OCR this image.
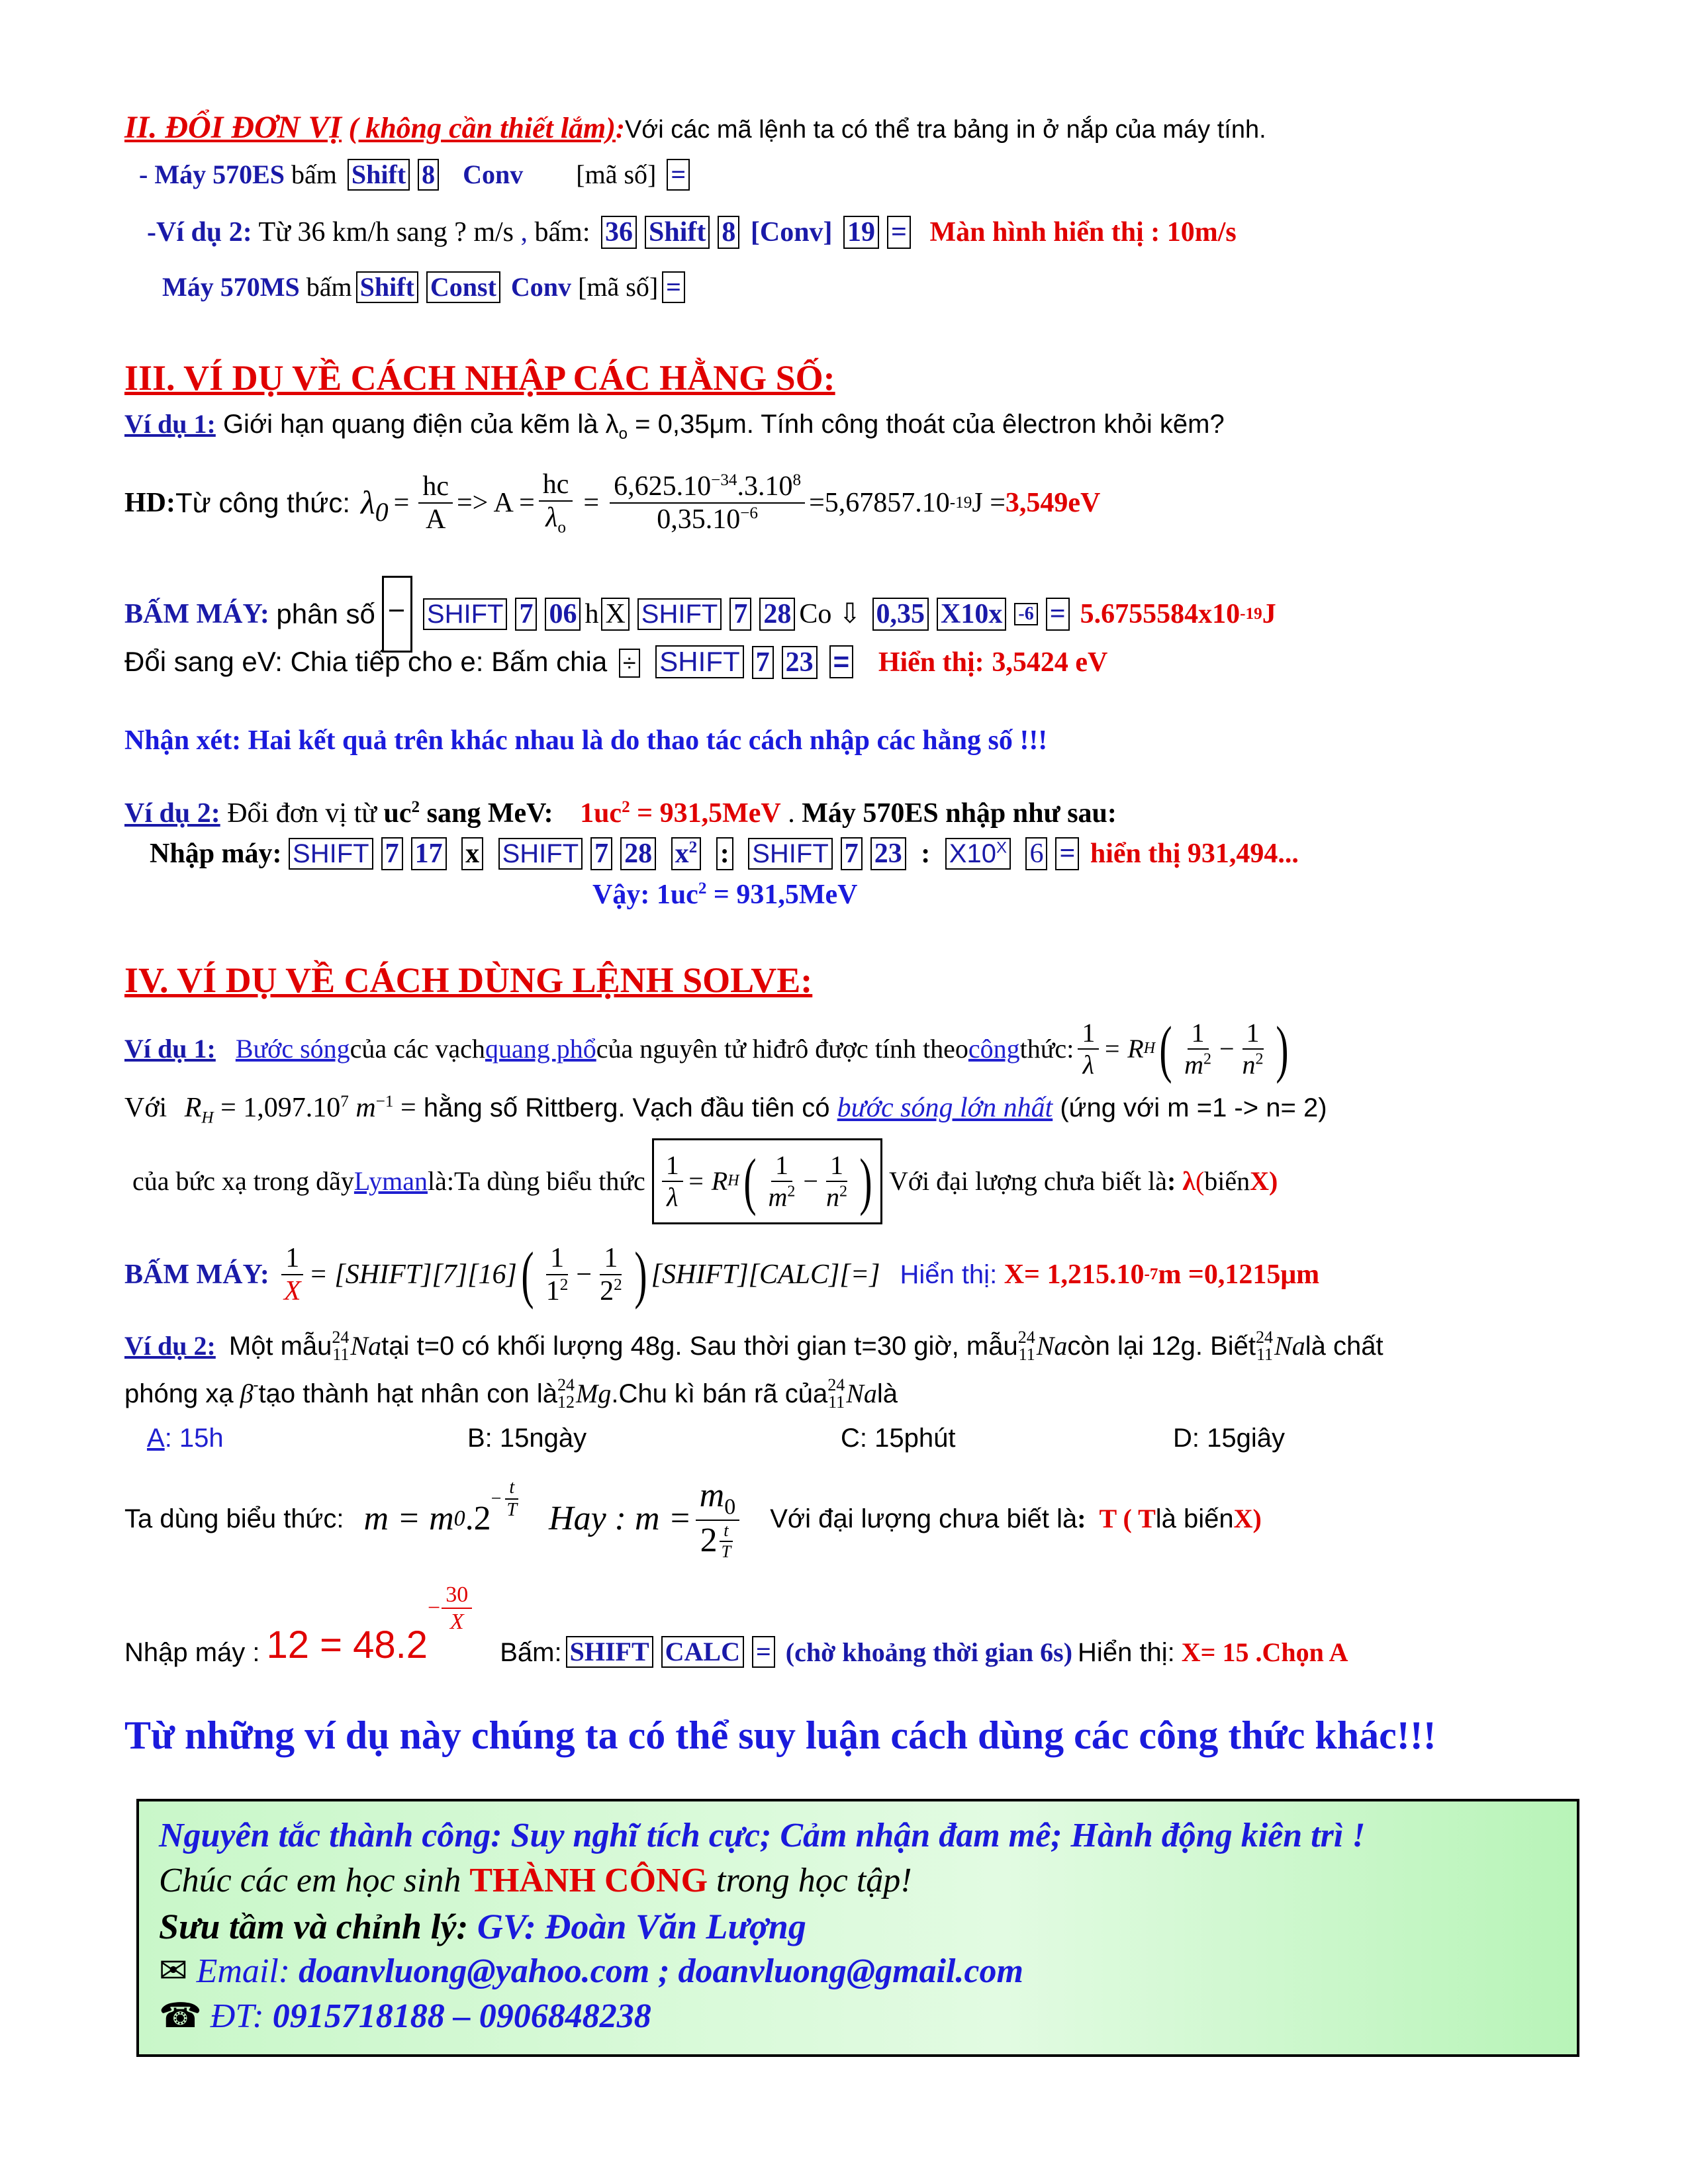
II. ĐỔI ĐƠN VỊ ( không cần thiết lắm):Với các mã lệnh ta có thể tra bảng in ở nắp của máy tính.
- Máy 570ES bấm Shift 8 Conv [mã số] =
-Ví dụ 2: Từ 36 km/h sang ? m/s , bấm: 36 Shift 8 [Conv] 19 = Màn hình hiển thị : 10m/s
Máy 570MS bấm Shift Const Conv [mã số] =
III. VÍ DỤ VỀ CÁCH NHẬP CÁC HẰNG SỐ:
Ví dụ 1: Giới hạn quang điện của kẽm là $\lambda_o = 0,35\mu m$. Tính công thoát của êlectron khỏi kẽm?
HD: Từ công thức: $\lambda_0 = \frac{hc}{A} => A = \frac{hc}{\lambda_o} = \frac{6,625.10^{-34}.3.10^8}{0,35.10^{-6}} =5,67857.10$ -19 J = 3,549eV
BẤM MÁY:
phân số SHIFT 7 06 h X SHIFT 7 28 Co ⇩ 0,35 X10x -6 = 5.6755584x10 -19 J
Đổi sang eV: Chia tiếp cho e: Bấm chia ÷ SHIFT 7 23 = Hiển thị: 3,5424 eV
Nhận xét: Hai kết quả trên khác nhau là do thao tác cách nhập các hằng số !!!
Ví dụ 2: Đổi đơn vị từ $uc^2$ sang MeV: $1uc^2 = 931,5MeV$ . Máy 570ES nhập như sau:
Nhập máy: SHIFT 7 17 x SHIFT 7 28 $x^2$ : SHIFT 7 23 : $X10^X$ 6 = hiển thị 931,494...
Vậy: $1uc^2 = 931,5MeV$
IV. VÍ DỤ VỀ CÁCH DÙNG LỆNH SOLVE:
Ví dụ 1:
Bước sóng của các vạch quang phổ của nguyên tử hiđrô được tính theo công thức: $\frac{1}{\lambda} = R$ H ( $\frac{1}{m^2} - \frac{1}{n^2}$ )
Với $R_H = 1,097.10^7$ $m^{-1}$ = hằng số Rittberg. Vạch đầu tiên có bước sóng lớn nhất (ứng với m =1 -> n= 2)
của bức xạ trong dãy Lyman là:Ta dùng biểu thức $\frac{1}{\lambda} = R$ H ( $\frac{1}{m^2} - \frac{1}{n^2}$ ) Với đại lượng chưa biết là :
λ ( biến X)
BẤM MÁY: $\frac{1}{X}$ = [SHIFT][7][16] ( $\frac{1}{1^2} - \frac{1}{2^2}$ ) [SHIFT][CALC][=] Hiển thị:
X= 1,215.10 -7 m =0,1215μm
Ví dụ 2:
Một mẫu 24
11 Na tại t=0 có khối lượng 48g. Sau thời gian t=30 giờ, mẫu 24
11 Na còn lại 12g. Biết 24
11 Na là chất
phóng xạ β- tạo thành hạt nhân con là 24
12 Mg .Chu kì bán rã của 24
11 Na là
A: 15h	B: 15ngày	C: 15phút	D: 15giây
Ta dùng biểu thức: m = m 0 .2
− $\frac{t}{T}$ Hay : $m = \frac{m_0}{2 \frac{t}{T}}$ Với đại lượng chưa biết là :
T ( T là biến X)
Nhập máy : 12 = 48.2
− $\frac{30}{X}$
Bấm: SHIFT CALC = (chờ khoảng thời gian 6s) Hiển thị:
X= 15 .Chọn A
Từ những ví dụ này chúng ta có thể suy luận cách dùng các công thức khác!!!
Nguyên tắc thành công: Suy nghĩ tích cực; Cảm nhận đam mê; Hành động kiên trì !
Chúc các em học sinh THÀNH CÔNG trong học tập!
Sưu tầm và chỉnh lý: GV: Đoàn Văn Lượng
✉ Email: doanvluong@yahoo.com ; doanvluong@gmail.com
☎ ĐT: 0915718188 – 0906848238
